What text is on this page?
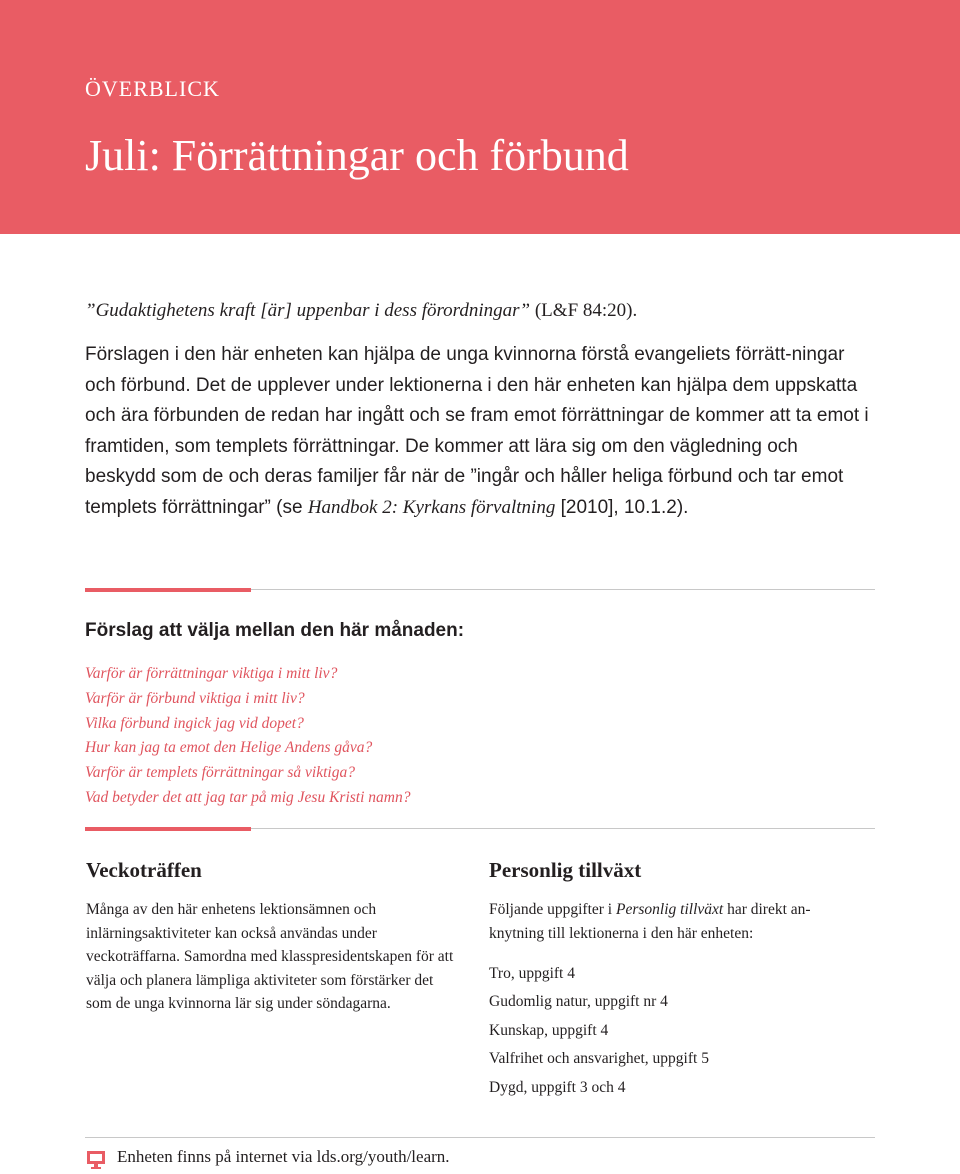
ÖVERBLICK
Juli: Förrättningar och förbund
”Gudaktighetens kraft [är] uppenbar i dess förordningar” (L&F 84:20).

Förslagen i den här enheten kan hjälpa de unga kvinnorna förstå evangeliets förrätt-ningar och förbund. Det de upplever under lektionerna i den här enheten kan hjälpa dem uppskatta och ära förbunden de redan har ingått och se fram emot förrättningar de kommer att ta emot i framtiden, som templets förrättningar. De kommer att lära sig om den vägledning och beskydd som de och deras familjer får när de ”ingår och håller heliga förbund och tar emot templets förrättningar” (se Handbok 2: Kyrkans förvaltning [2010], 10.1.2).

Förslag att välja mellan den här månaden:
Varför är förrättningar viktiga i mitt liv?
Varför är förbund viktiga i mitt liv?
Vilka förbund ingick jag vid dopet?
Hur kan jag ta emot den Helige Andens gåva?
Varför är templets förrättningar så viktiga?
Vad betyder det att jag tar på mig Jesu Kristi namn?
Veckoträffen

Många av den här enhetens lektionsämnen och inlärningsaktiviteter kan också användas under veckoträffarna. Samordna med klasspresidentskapen för att välja och planera lämpliga aktiviteter som förstärker det som de unga kvinnorna lär sig under söndagarna.

Personlig tillväxt

Följande uppgifter i Personlig tillväxt har direkt an-knytning till lektionerna i den här enheten:

Tro, uppgift 4
Gudomlig natur, uppgift nr 4
Kunskap, uppgift 4
Valfrihet och ansvarighet, uppgift 5
Dygd, uppgift 3 och 4
Enheten finns på internet via lds.org/youth/learn.
